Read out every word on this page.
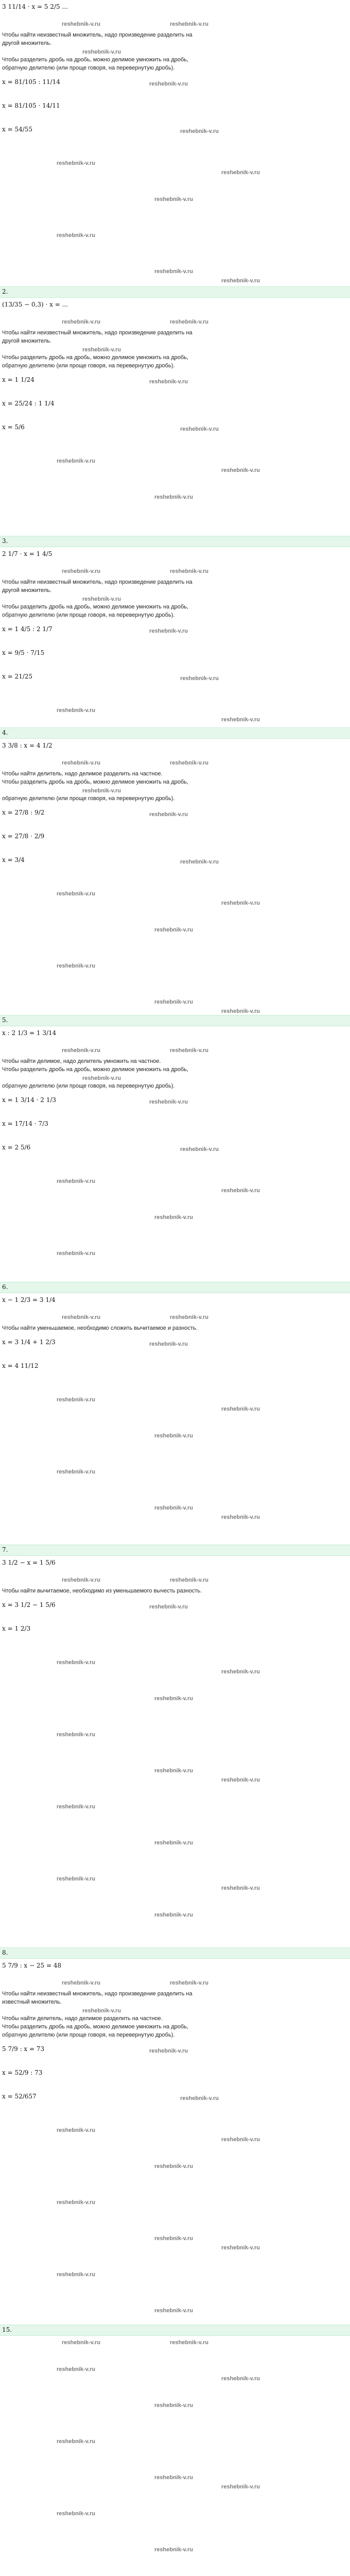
3 11/14 · x = 5 2/5 ...
reshebnik-v.ru	reshebnik-v.ru
Чтобы найти неизвестный множитель, надо произведение разделить на
другой множитель.
reshebnik-v.ru
Чтобы разделить дробь на дробь, можно делимое умножить на дробь,
обратную делителю (или проще говоря, на перевернутую дробь).
x = 81/105 : 11/14	reshebnik-v.ru
x = 81/105 · 14/11
x = 54/55	reshebnik-v.ru
reshebnik-v.ru
reshebnik-v.ru
reshebnik-v.ru
reshebnik-v.ru
reshebnik-v.ru
reshebnik-v.ru
2.
(13/35 − 0,3) · x = ...
reshebnik-v.ru	reshebnik-v.ru
Чтобы найти неизвестный множитель, надо произведение разделить на
другой множитель.
reshebnik-v.ru
Чтобы разделить дробь на дробь, можно делимое умножить на дробь,
обратную делителю (или проще говоря, на перевернутую дробь).
x = 1 1/24	reshebnik-v.ru
x = 25/24 : 1 1/4
x = 5/6	reshebnik-v.ru
reshebnik-v.ru
reshebnik-v.ru
reshebnik-v.ru
3.
2 1/7 · x = 1 4/5
reshebnik-v.ru	reshebnik-v.ru
Чтобы найти неизвестный множитель, надо произведение разделить на
другой множитель.
reshebnik-v.ru
Чтобы разделить дробь на дробь, можно делимое умножить на дробь,
обратную делителю (или проще говоря, на перевернутую дробь).
x = 1 4/5 : 2 1/7	reshebnik-v.ru
x = 9/5 · 7/15
x = 21/25	reshebnik-v.ru
reshebnik-v.ru
reshebnik-v.ru
4.
3 3/8 : x = 4 1/2
reshebnik-v.ru	reshebnik-v.ru
Чтобы найти делитель, надо делимое разделить на частное.
Чтобы разделить дробь на дробь, можно делимое умножить на дробь,
reshebnik-v.ru
обратную делителю (или проще говоря, на перевернутую дробь).
x = 27/8 : 9/2	reshebnik-v.ru
x = 27/8 · 2/9
x = 3/4	reshebnik-v.ru
reshebnik-v.ru
reshebnik-v.ru
reshebnik-v.ru
reshebnik-v.ru
reshebnik-v.ru
reshebnik-v.ru
5.
x : 2 1/3 = 1 3/14
reshebnik-v.ru	reshebnik-v.ru
Чтобы найти делимое, надо делитель умножить на частное.
Чтобы разделить дробь на дробь, можно делимое умножить на дробь,
reshebnik-v.ru
обратную делителю (или проще говоря, на перевернутую дробь).
x = 1 3/14 · 2 1/3	reshebnik-v.ru
x = 17/14 · 7/3
x = 2 5/6	reshebnik-v.ru
reshebnik-v.ru
reshebnik-v.ru
reshebnik-v.ru
reshebnik-v.ru
6.
x − 1 2/3 = 3 1/4
reshebnik-v.ru	reshebnik-v.ru
Чтобы найти уменьшаемое, необходимо сложить вычитаемое и разность.
x = 3 1/4 + 1 2/3	reshebnik-v.ru
x = 4 11/12
reshebnik-v.ru
reshebnik-v.ru
reshebnik-v.ru
reshebnik-v.ru
reshebnik-v.ru
reshebnik-v.ru
7.
3 1/2 − x = 1 5/6
reshebnik-v.ru	reshebnik-v.ru
Чтобы найти вычитаемое, необходимо из уменьшаемого вычесть разность.
x = 3 1/2 − 1 5/6	reshebnik-v.ru
x = 1 2/3
reshebnik-v.ru
reshebnik-v.ru
reshebnik-v.ru
reshebnik-v.ru
reshebnik-v.ru
reshebnik-v.ru
reshebnik-v.ru
reshebnik-v.ru
reshebnik-v.ru
reshebnik-v.ru
reshebnik-v.ru
8.
5 7/9 : x − 25 = 48
reshebnik-v.ru	reshebnik-v.ru
Чтобы найти неизвестный множитель, надо произведение разделить на
известный множитель.
reshebnik-v.ru
Чтобы найти делитель, надо делимое разделить на частное.
Чтобы разделить дробь на дробь, можно делимое умножить на дробь,
обратную делителю (или проще говоря, на перевернутую дробь).
5 7/9 : x = 73	reshebnik-v.ru
x = 52/9 : 73
x = 52/657	reshebnik-v.ru
reshebnik-v.ru
reshebnik-v.ru
reshebnik-v.ru
reshebnik-v.ru
reshebnik-v.ru
reshebnik-v.ru
reshebnik-v.ru
reshebnik-v.ru
15.
reshebnik-v.ru	reshebnik-v.ru
reshebnik-v.ru
reshebnik-v.ru
reshebnik-v.ru
reshebnik-v.ru
reshebnik-v.ru
reshebnik-v.ru
reshebnik-v.ru
reshebnik-v.ru
